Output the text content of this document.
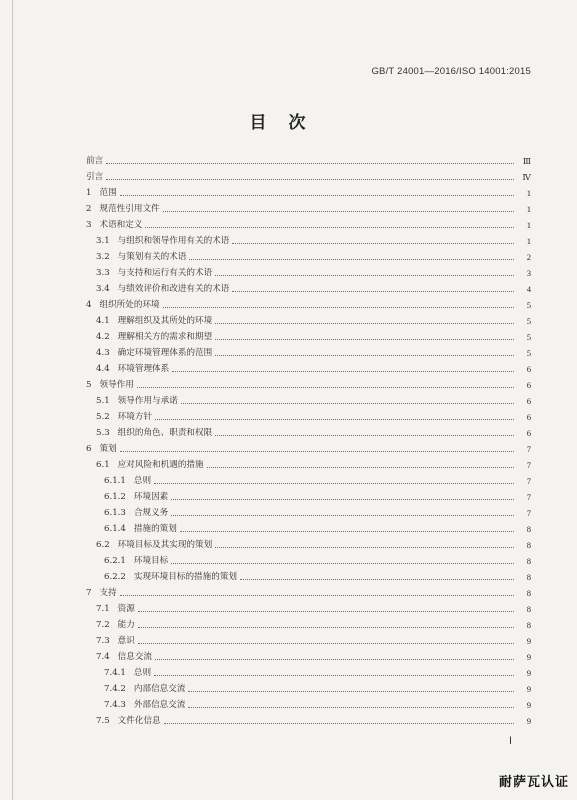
GB/T 24001—2016/ISO 14001:2015
目次
前言	Ⅲ
引言	Ⅳ
1 范围	1
2 规范性引用文件	1
3 术语和定义	1
3.1 与组织和领导作用有关的术语	1
3.2 与策划有关的术语	2
3.3 与支持和运行有关的术语	3
3.4 与绩效评价和改进有关的术语	4
4 组织所处的环境	5
4.1 理解组织及其所处的环境	5
4.2 理解相关方的需求和期望	5
4.3 确定环境管理体系的范围	5
4.4 环境管理体系	6
5 领导作用	6
5.1 领导作用与承诺	6
5.2 环境方针	6
5.3 组织的角色、职责和权限	6
6 策划	7
6.1 应对风险和机遇的措施	7
6.1.1 总则	7
6.1.2 环境因素	7
6.1.3 合规义务	7
6.1.4 措施的策划	8
6.2 环境目标及其实现的策划	8
6.2.1 环境目标	8
6.2.2 实现环境目标的措施的策划	8
7 支持	8
7.1 资源	8
7.2 能力	8
7.3 意识	9
7.4 信息交流	9
7.4.1 总则	9
7.4.2 内部信息交流	9
7.4.3 外部信息交流	9
7.5 文件化信息	9
Ⅰ
耐萨瓦认证
